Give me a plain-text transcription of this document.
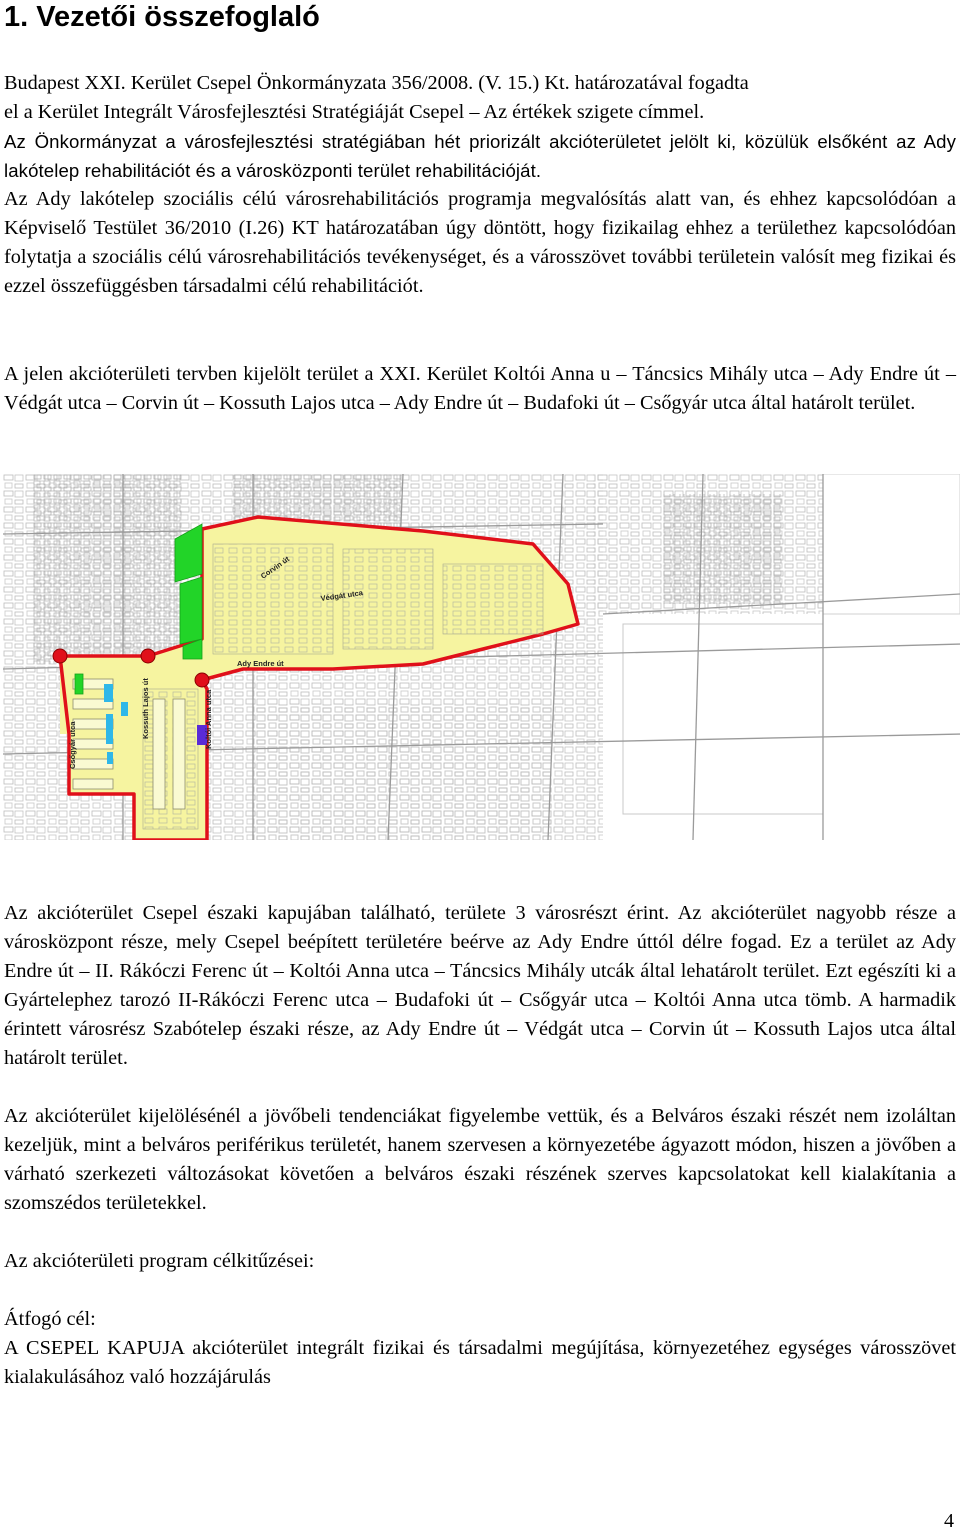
1. Vezetői összefoglaló

Budapest XXI. Kerület Csepel Önkormányzata 356/2008. (V. 15.) Kt. határozatával fogadta

el a Kerület Integrált Városfejlesztési Stratégiáját Csepel – Az értékek szigete címmel.

Az Önkormányzat a városfejlesztési stratégiában hét priorizált akcióterületet jelölt ki, közülük elsőként az Ady lakótelep rehabilitációt és a városközponti terület rehabilitációját.

Az Ady lakótelep szociális célú városrehabilitációs programja megvalósítás alatt van, és ehhez kapcsolódóan a Képviselő Testület 36/2010 (I.26) KT határozatában úgy döntött, hogy fizikailag ehhez a területhez kapcsolódóan folytatja a szociális célú városrehabilitációs tevékenységet, és a városszövet további területein valósít meg fizikai és ezzel összefüggésben társadalmi célú rehabilitációt.

A jelen akcióterületi tervben kijelölt terület a XXI. Kerület Koltói Anna u – Táncsics Mihály utca – Ady Endre út – Védgát utca – Corvin út – Kossuth Lajos utca – Ady Endre út – Budafoki út – Csőgyár utca által határolt terület.

Corvin út
Védgát utca
Ady Endre út
Kossuth Lajos út
Csőgyár utca	Koltói Anna utca

Az akcióterület Csepel északi kapujában található, területe 3 városrészt érint. Az akcióterület nagyobb része a városközpont része, mely Csepel beépített területére beérve az Ady Endre úttól délre fogad. Ez a terület az Ady Endre út – II. Rákóczi Ferenc út – Koltói Anna utca – Táncsics Mihály utcák által lehatárolt terület. Ezt egészíti ki a Gyártelephez tarozó II-Rákóczi Ferenc utca – Budafoki út – Csőgyár utca – Koltói Anna utca tömb. A harmadik érintett városrész Szabótelep északi része, az Ady Endre út – Védgát utca – Corvin út – Kossuth Lajos utca által határolt terület.

Az akcióterület kijelölésénél a jövőbeli tendenciákat figyelembe vettük, és a Belváros északi részét nem izoláltan kezeljük, mint a belváros periférikus területét, hanem szervesen a környezetébe ágyazott módon, hiszen a jövőben a várható szerkezeti változásokat követően a belváros északi részének szerves kapcsolatokat kell kialakítania a szomszédos területekkel.

Az akcióterületi program célkitűzései:

Átfogó cél:

A CSEPEL KAPUJA akcióterület integrált fizikai és társadalmi megújítása, környezetéhez egységes városszövet kialakulásához való hozzájárulás

4
